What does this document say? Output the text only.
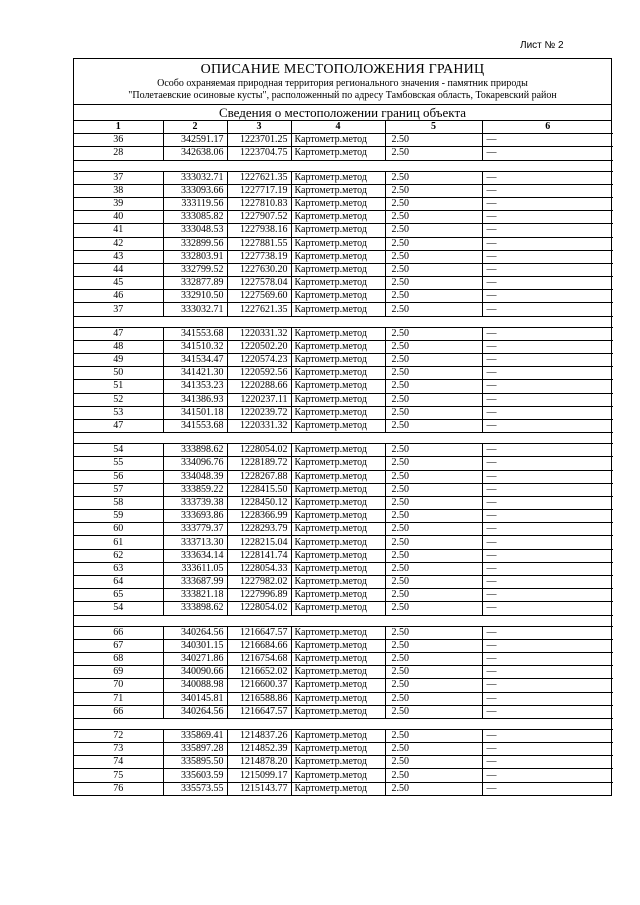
Лист № 2
ОПИСАНИЕ МЕСТОПОЛОЖЕНИЯ ГРАНИЦ
Особо охраняемая природная территория регионального значения - памятник природы
"Полетаевские осиновые кусты", расположенный по адресу Тамбовская область, Токаревский район
Сведения о местоположении границ объекта
1	2	3	4	5	6
36	342591.17	1223701.25	Картометр.метод	2.50	—
28	342638.06	1223704.75	Картометр.метод	2.50	—

37	333032.71	1227621.35	Картометр.метод	2.50	—
38	333093.66	1227717.19	Картометр.метод	2.50	—
39	333119.56	1227810.83	Картометр.метод	2.50	—
40	333085.82	1227907.52	Картометр.метод	2.50	—
41	333048.53	1227938.16	Картометр.метод	2.50	—
42	332899.56	1227881.55	Картометр.метод	2.50	—
43	332803.91	1227738.19	Картометр.метод	2.50	—
44	332799.52	1227630.20	Картометр.метод	2.50	—
45	332877.89	1227578.04	Картометр.метод	2.50	—
46	332910.50	1227569.60	Картометр.метод	2.50	—
37	333032.71	1227621.35	Картометр.метод	2.50	—

47	341553.68	1220331.32	Картометр.метод	2.50	—
48	341510.32	1220502.20	Картометр.метод	2.50	—
49	341534.47	1220574.23	Картометр.метод	2.50	—
50	341421.30	1220592.56	Картометр.метод	2.50	—
51	341353.23	1220288.66	Картометр.метод	2.50	—
52	341386.93	1220237.11	Картометр.метод	2.50	—
53	341501.18	1220239.72	Картометр.метод	2.50	—
47	341553.68	1220331.32	Картометр.метод	2.50	—

54	333898.62	1228054.02	Картометр.метод	2.50	—
55	334096.76	1228189.72	Картометр.метод	2.50	—
56	334048.39	1228267.88	Картометр.метод	2.50	—
57	333859.22	1228415.50	Картометр.метод	2.50	—
58	333739.38	1228450.12	Картометр.метод	2.50	—
59	333693.86	1228366.99	Картометр.метод	2.50	—
60	333779.37	1228293.79	Картометр.метод	2.50	—
61	333713.30	1228215.04	Картометр.метод	2.50	—
62	333634.14	1228141.74	Картометр.метод	2.50	—
63	333611.05	1228054.33	Картометр.метод	2.50	—
64	333687.99	1227982.02	Картометр.метод	2.50	—
65	333821.18	1227996.89	Картометр.метод	2.50	—
54	333898.62	1228054.02	Картометр.метод	2.50	—

66	340264.56	1216647.57	Картометр.метод	2.50	—
67	340301.15	1216684.66	Картометр.метод	2.50	—
68	340271.86	1216754.68	Картометр.метод	2.50	—
69	340090.66	1216652.02	Картометр.метод	2.50	—
70	340088.98	1216600.37	Картометр.метод	2.50	—
71	340145.81	1216588.86	Картометр.метод	2.50	—
66	340264.56	1216647.57	Картометр.метод	2.50	—

72	335869.41	1214837.26	Картометр.метод	2.50	—
73	335897.28	1214852.39	Картометр.метод	2.50	—
74	335895.50	1214878.20	Картометр.метод	2.50	—
75	335603.59	1215099.17	Картометр.метод	2.50	—
76	335573.55	1215143.77	Картометр.метод	2.50	—
